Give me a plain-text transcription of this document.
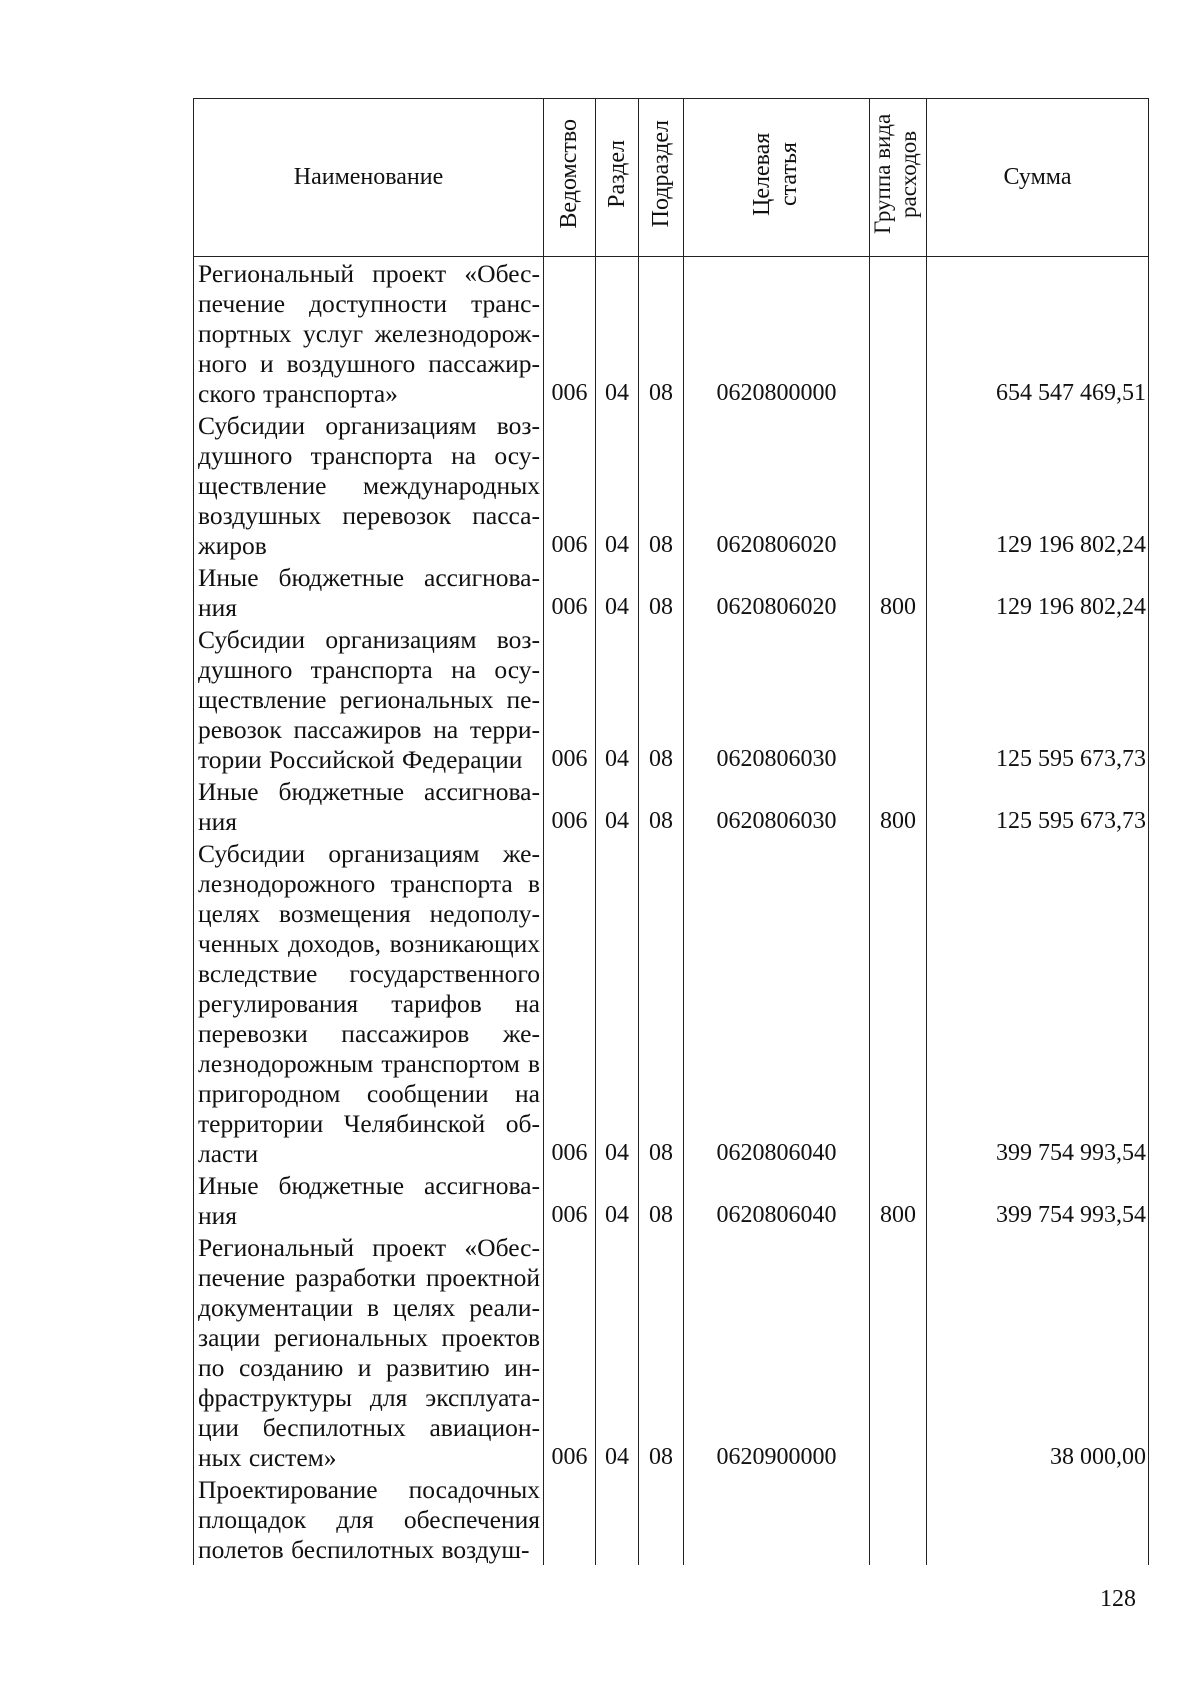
Наименование	Ведомство	Раздел	Подраздел	Целевая статья	Группа вида расходов	Сумма
Региональный проект «Обеспечение доступности транспортных услуг железнодорожного и воздушного пассажирского транспорта»	006	04	08	0620800000		654 547 469,51
Субсидии организациям воздушного транспорта на осуществление международных воздушных перевозок пассажиров	006	04	08	0620806020		129 196 802,24
Иные бюджетные ассигнования	006	04	08	0620806020	800	129 196 802,24
Субсидии организациям воздушного транспорта на осуществление региональных перевозок пассажиров на территории Российской Федерации	006	04	08	0620806030		125 595 673,73
Иные бюджетные ассигнования	006	04	08	0620806030	800	125 595 673,73
Субсидии организациям железнодорожного транспорта в целях возмещения недополученных доходов, возникающих вследствие государственного регулирования тарифов на перевозки пассажиров железнодорожным транспортом в пригородном сообщении на территории Челябинской области	006	04	08	0620806040		399 754 993,54
Иные бюджетные ассигнования	006	04	08	0620806040	800	399 754 993,54
Региональный проект «Обеспечение разработки проектной документации в целях реализации региональных проектов по созданию и развитию инфраструктуры для эксплуатации беспилотных авиационных систем»	006	04	08	0620900000		38 000,00
Проектирование посадочных площадок для обеспечения полетов беспилотных воздуш-						
128
